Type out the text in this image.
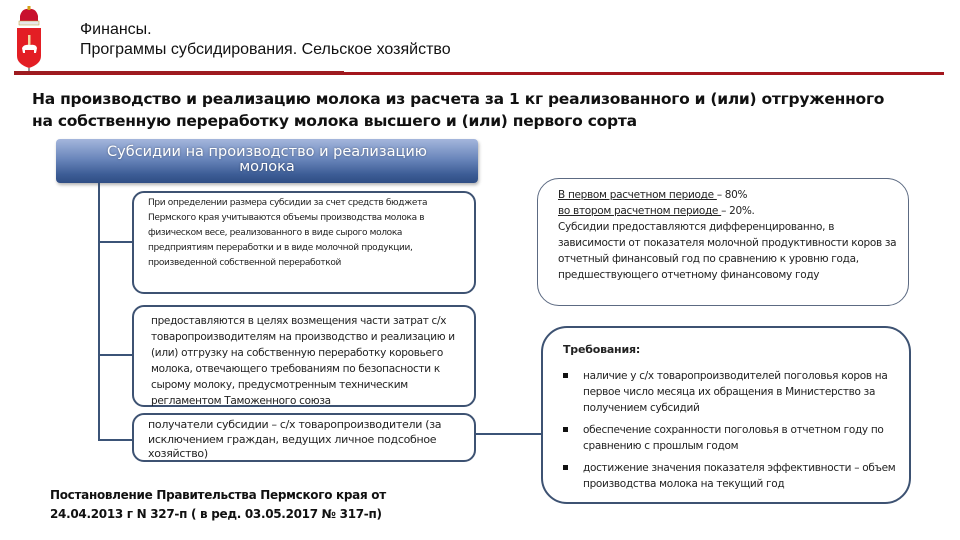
Финансы.
Программы субсидирования. Сельское хозяйство
На производство и реализацию молока из расчета за 1 кг реализованного и (или) отгруженного
на собственную переработку молока высшего и (или) первого сорта
Субсидии на производство и реализацию
молока
При определении размера субсидии за счет средств бюджета Пермского края учитываются объемы производства молока в физическом весе, реализованного в виде сырого молока предприятиям переработки и в виде молочной продукции, произведенной собственной переработкой
предоставляются в целях возмещения части затрат с/х товаропроизводителям на производство и реализацию и (или) отгрузку на собственную переработку коровьего молока, отвечающего требованиям по безопасности к сырому молоку, предусмотренным техническим регламентом Таможенного союза
получатели субсидии – с/х товаропроизводители (за исключением граждан, ведущих личное подсобное хозяйство)
В первом расчетном периоде – 80%
во втором расчетном периоде – 20%.
Субсидии предоставляются дифференцированно, в зависимости от показателя молочной продуктивности коров за отчетный финансовый год по сравнению к уровню года, предшествующего отчетному финансовому году
Требования:
наличие у с/х товаропроизводителей поголовья коров на первое число месяца их обращения в Министерство за получением субсидий
обеспечение сохранности поголовья в отчетном году по сравнению с прошлым годом
достижение значения показателя эффективности – объем производства молока на текущий год
Постановление Правительства Пермского края от
24.04.2013 г N 327-п ( в ред. 03.05.2017 № 317-п)
